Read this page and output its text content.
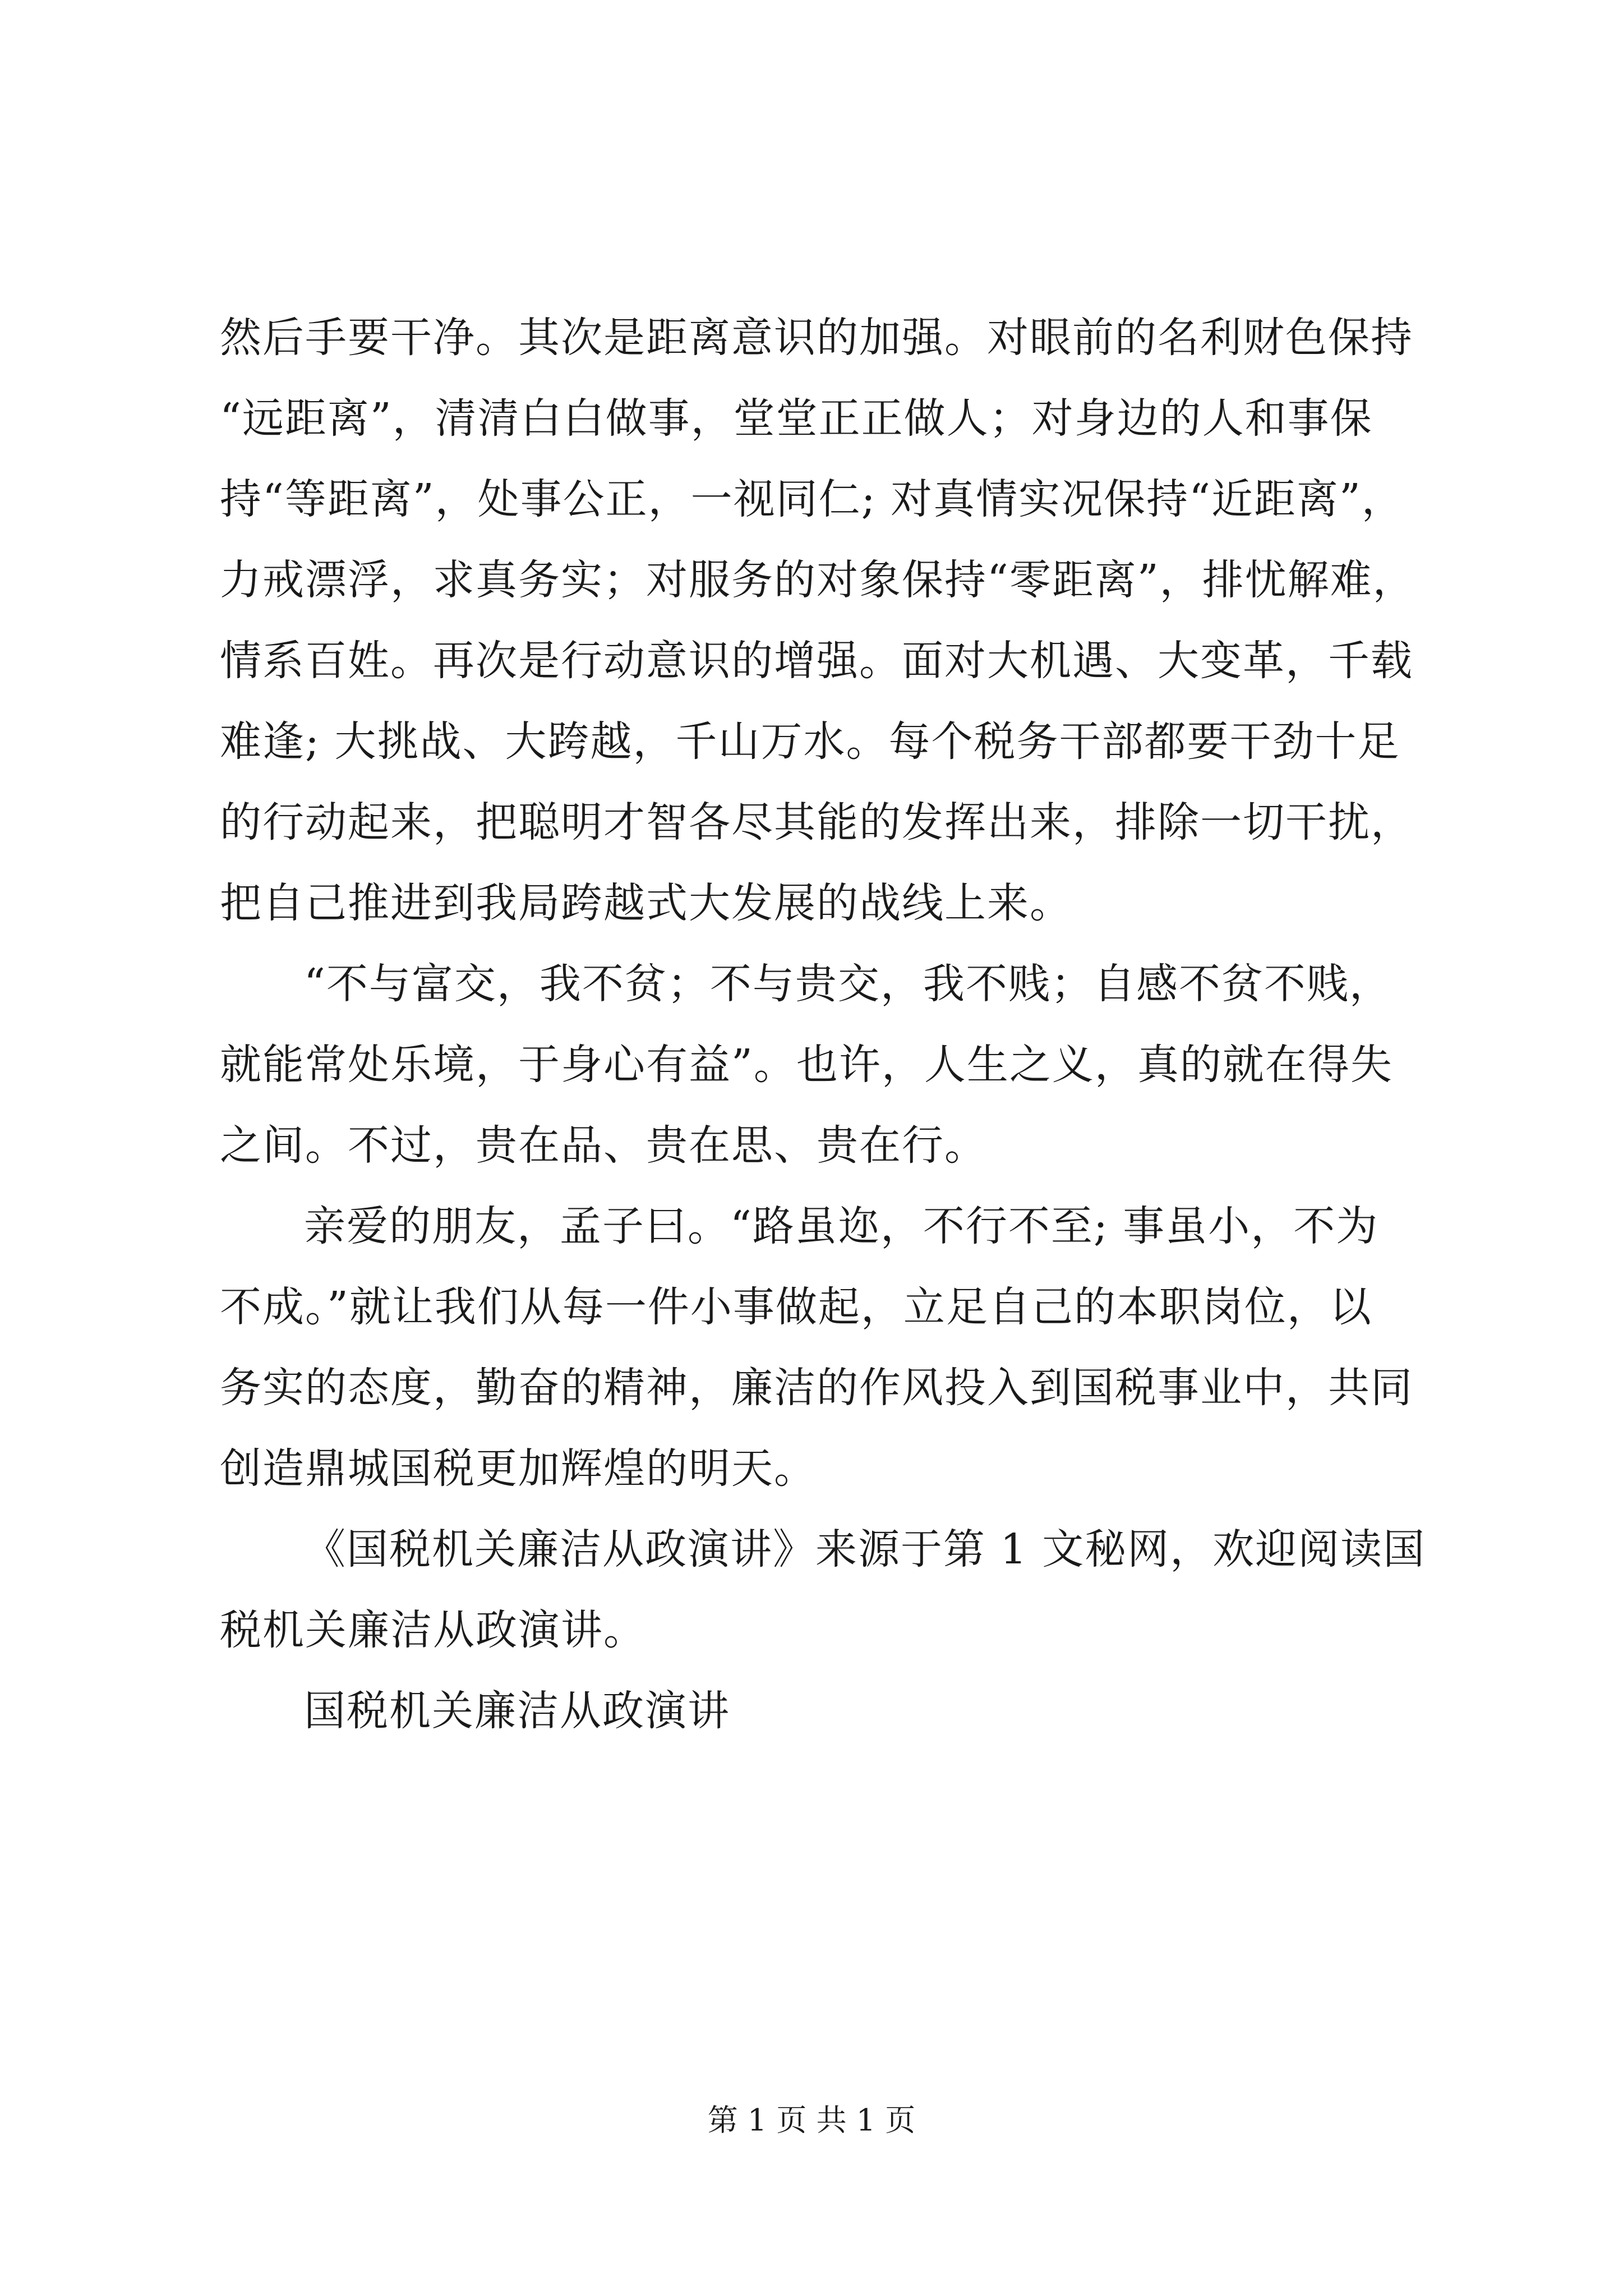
然后手要干净。其次是距离意识的加强。对眼前的名利财色保持
“远距离”，清清白白做事，堂堂正正做人；对身边的人和事保
持“等距离”，处事公正，一视同仁; 对真情实况保持“近距离”，
力戒漂浮，求真务实；对服务的对象保持“零距离”，排忧解难，
情系百姓。再次是行动意识的增强。面对大机遇、大变革，千载
难逢; 大挑战、大跨越，千山万水。每个税务干部都要干劲十足
的行动起来，把聪明才智各尽其能的发挥出来，排除一切干扰，
把自己推进到我局跨越式大发展的战线上来。
“不与富交，我不贫；不与贵交，我不贱；自感不贫不贱，
就能常处乐境，于身心有益”。也许，人生之义，真的就在得失
之间。不过，贵在品、贵在思、贵在行。
亲爱的朋友，孟子曰。“路虽迩，不行不至; 事虽小，不为
不成。”就让我们从每一件小事做起，立足自己的本职岗位，以
务实的态度，勤奋的精神，廉洁的作风投入到国税事业中，共同
创造鼎城国税更加辉煌的明天。
《国税机关廉洁从政演讲》来源于第 1 文秘网，欢迎阅读国
税机关廉洁从政演讲。
国税机关廉洁从政演讲
第 1 页 共 1 页
